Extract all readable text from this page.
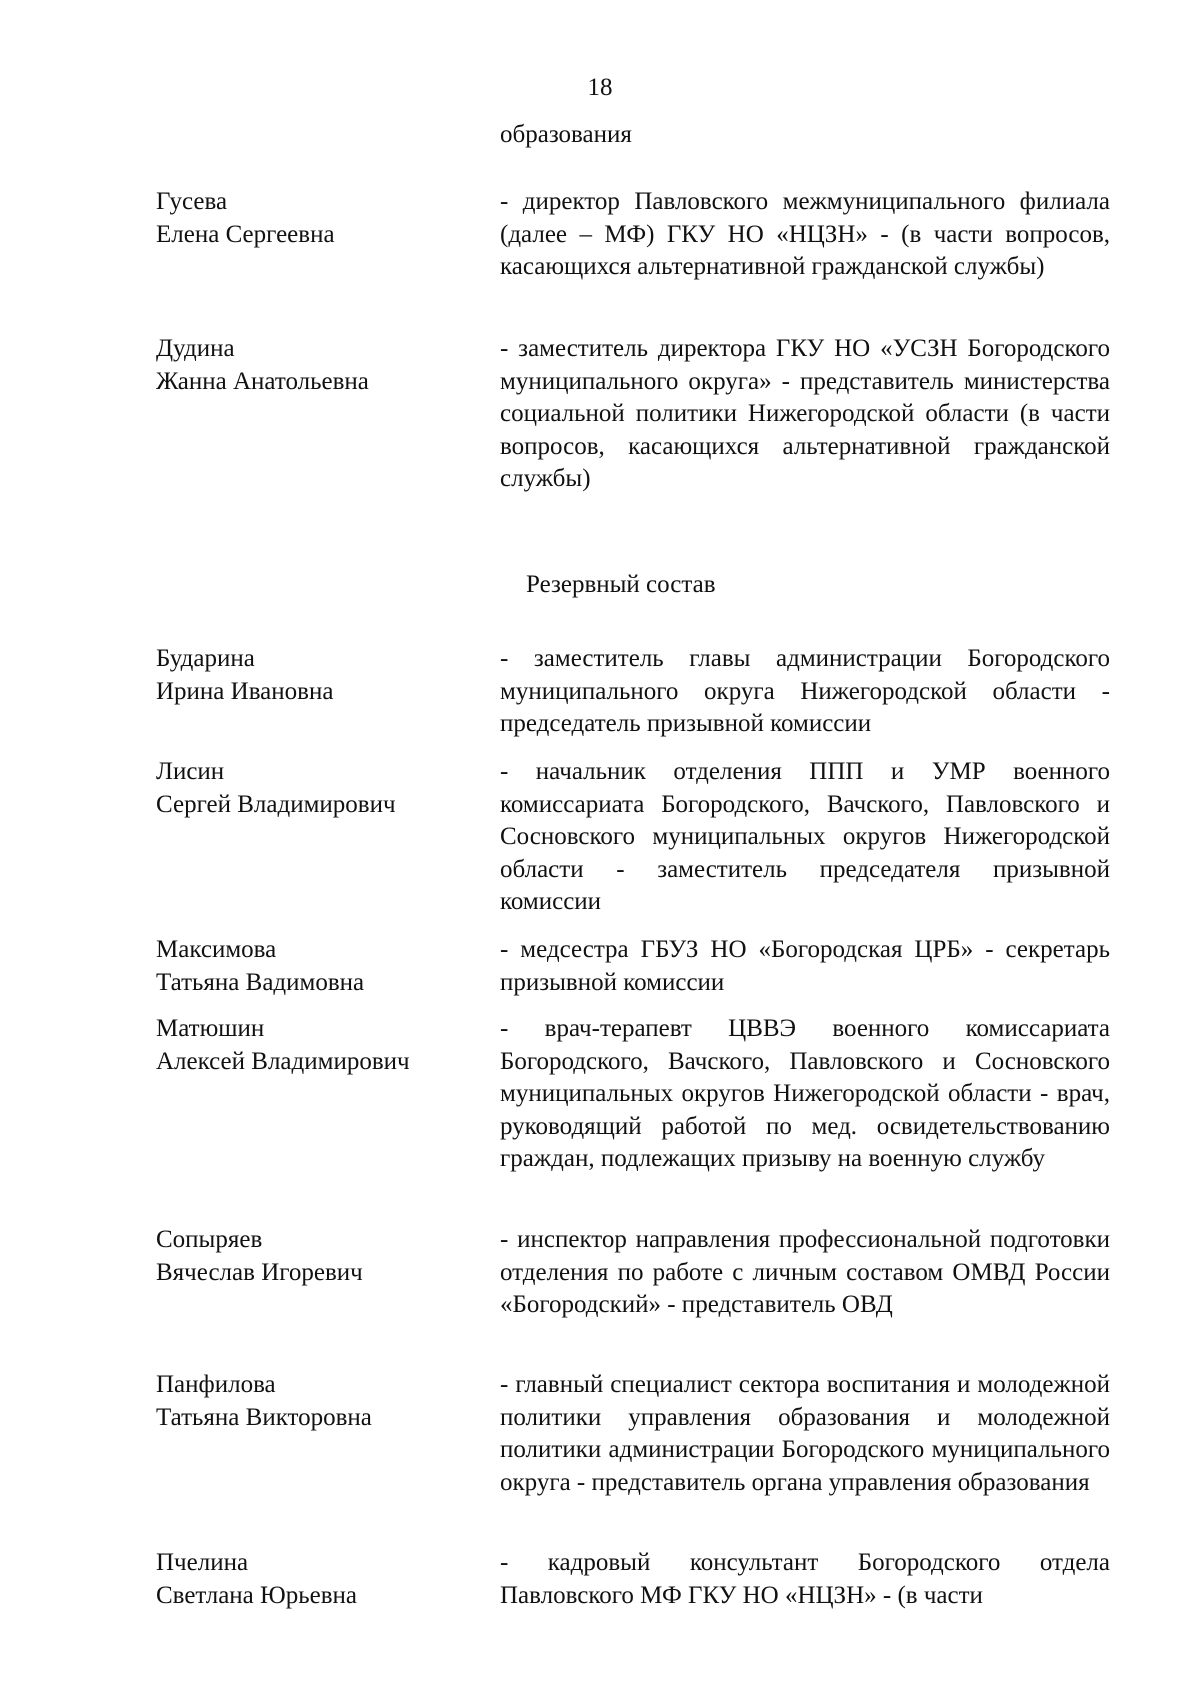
18
образования
Гусева
Елена Сергеевна
- директор Павловского межмуниципального филиала (далее – МФ) ГКУ НО «НЦЗН» - (в части вопросов, касающихся альтернативной гражданской службы)
Дудина
Жанна Анатольевна
- заместитель директора ГКУ НО «УСЗН Богородского муниципального округа» - представитель министерства социальной политики Нижегородской области (в части вопросов, касающихся альтернативной гражданской службы)
Резервный состав
Бударина
Ирина Ивановна
- заместитель главы администрации Богородского муниципального округа Нижегородской области - председатель призывной комиссии
Лисин
Сергей Владимирович
- начальник отделения ППП и УМР военного комиссариата Богородского, Вачского, Павловского и Сосновского муниципальных округов Нижегородской области - заместитель председателя призывной комиссии
Максимова
Татьяна Вадимовна
- медсестра ГБУЗ НО «Богородская ЦРБ» - секретарь призывной комиссии
Матюшин
Алексей Владимирович
- врач-терапевт ЦВВЭ военного комиссариата Богородского, Вачского, Павловского и Сосновского муниципальных округов Нижегородской области - врач, руководящий работой по мед. освидетельствованию граждан, подлежащих призыву на военную службу
Сопыряев
Вячеслав Игоревич
- инспектор направления профессиональной подготовки отделения по работе с личным составом ОМВД России «Богородский» - представитель ОВД
Панфилова
Татьяна Викторовна
- главный специалист сектора воспитания и молодежной политики управления образования и молодежной политики администрации Богородского муниципального округа - представитель органа управления образования
Пчелина
Светлана Юрьевна
- кадровый консультант Богородского отдела Павловского МФ ГКУ НО «НЦЗН» - (в части
